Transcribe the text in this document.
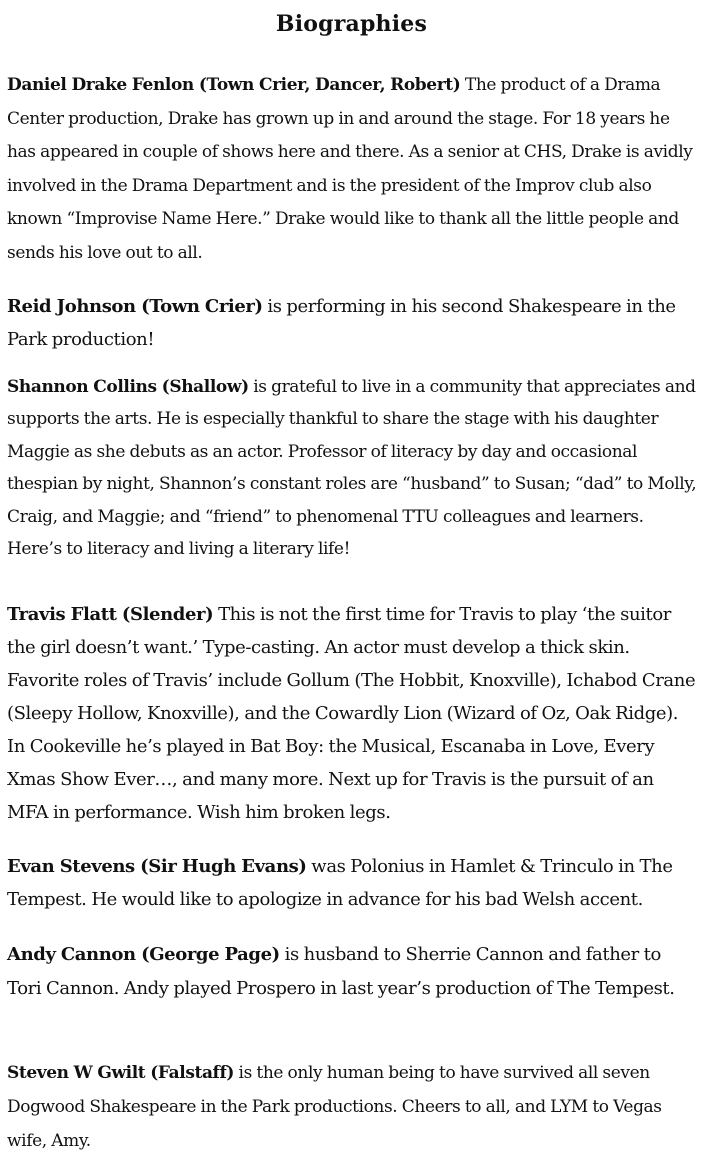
Biographies

Daniel Drake Fenlon (Town Crier, Dancer, Robert) The product of a Drama Center production, Drake has grown up in and around the stage. For 18 years he has appeared in couple of shows here and there. As a senior at CHS, Drake is avidly involved in the Drama Department and is the president of the Improv club also known “Improvise Name Here.” Drake would like to thank all the little people and sends his love out to all.

Reid Johnson (Town Crier) is performing in his second Shakespeare in the Park production!

Shannon Collins (Shallow) is grateful to live in a community that appreciates and supports the arts. He is especially thankful to share the stage with his daughter Maggie as she debuts as an actor. Professor of literacy by day and occasional thespian by night, Shannon’s constant roles are “husband” to Susan; “dad” to Molly, Craig, and Maggie; and “friend” to phenomenal TTU colleagues and learners. Here’s to literacy and living a literary life!

Travis Flatt (Slender) This is not the first time for Travis to play ‘the suitor the girl doesn’t want.’ Type-casting. An actor must develop a thick skin. Favorite roles of Travis’ include Gollum (The Hobbit, Knoxville), Ichabod Crane (Sleepy Hollow, Knoxville), and the Cowardly Lion (Wizard of Oz, Oak Ridge). In Cookeville he’s played in Bat Boy: the Musical, Escanaba in Love, Every Xmas Show Ever…, and many more. Next up for Travis is the pursuit of an MFA in performance. Wish him broken legs.

Evan Stevens (Sir Hugh Evans) was Polonius in Hamlet & Trinculo in The Tempest. He would like to apologize in advance for his bad Welsh accent.

Andy Cannon (George Page) is husband to Sherrie Cannon and father to Tori Cannon. Andy played Prospero in last year’s production of The Tempest.

Steven W Gwilt (Falstaff) is the only human being to have survived all seven Dogwood Shakespeare in the Park productions. Cheers to all, and LYM to Vegas wife, Amy.
